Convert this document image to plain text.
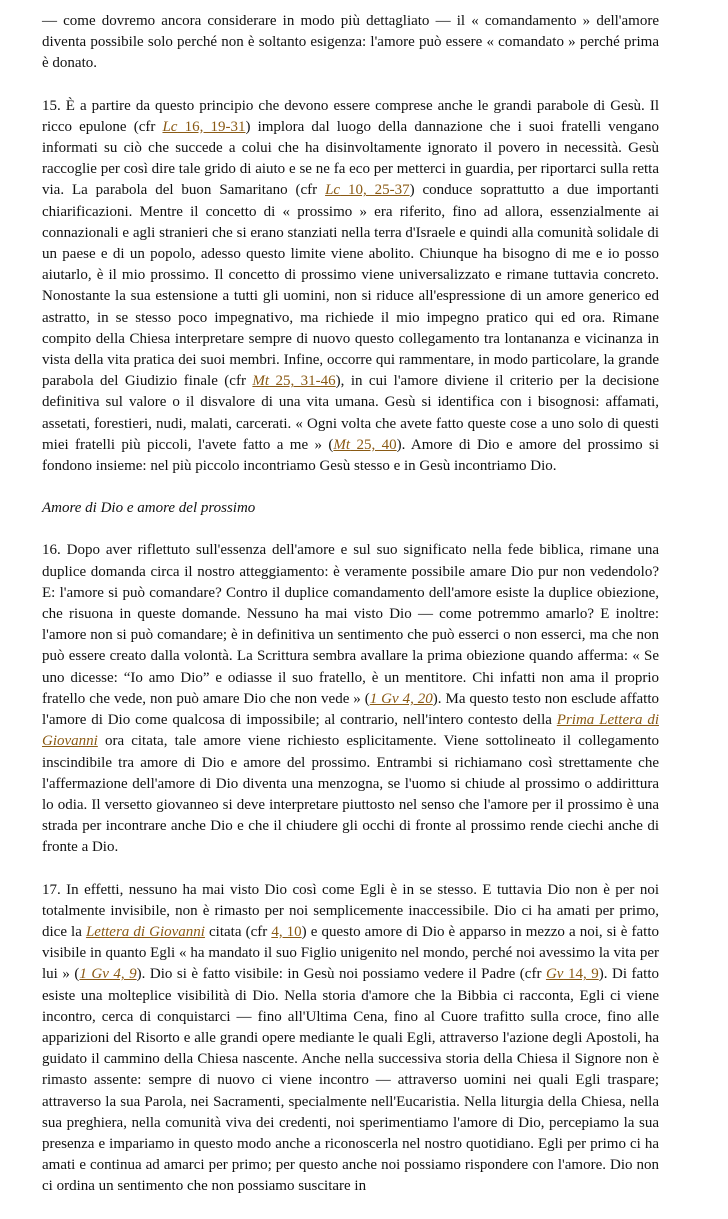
— come dovremo ancora considerare in modo più dettagliato — il « comandamento » dell'amore diventa possibile solo perché non è soltanto esigenza: l'amore può essere « comandato » perché prima è donato.

15. È a partire da questo principio che devono essere comprese anche le grandi parabole di Gesù. Il ricco epulone (cfr Lc 16, 19-31) implora dal luogo della dannazione che i suoi fratelli vengano informati su ciò che succede a colui che ha disinvoltamente ignorato il povero in necessità. Gesù raccoglie per così dire tale grido di aiuto e se ne fa eco per metterci in guardia, per riportarci sulla retta via. La parabola del buon Samaritano (cfr Lc 10, 25-37) conduce soprattutto a due importanti chiarificazioni. Mentre il concetto di « prossimo » era riferito, fino ad allora, essenzialmente ai connazionali e agli stranieri che si erano stanziati nella terra d'Israele e quindi alla comunità solidale di un paese e di un popolo, adesso questo limite viene abolito. Chiunque ha bisogno di me e io posso aiutarlo, è il mio prossimo. Il concetto di prossimo viene universalizzato e rimane tuttavia concreto. Nonostante la sua estensione a tutti gli uomini, non si riduce all'espressione di un amore generico ed astratto, in se stesso poco impegnativo, ma richiede il mio impegno pratico qui ed ora. Rimane compito della Chiesa interpretare sempre di nuovo questo collegamento tra lontananza e vicinanza in vista della vita pratica dei suoi membri. Infine, occorre qui rammentare, in modo particolare, la grande parabola del Giudizio finale (cfr Mt 25, 31-46), in cui l'amore diviene il criterio per la decisione definitiva sul valore o il disvalore di una vita umana. Gesù si identifica con i bisognosi: affamati, assetati, forestieri, nudi, malati, carcerati. « Ogni volta che avete fatto queste cose a uno solo di questi miei fratelli più piccoli, l'avete fatto a me » (Mt 25, 40). Amore di Dio e amore del prossimo si fondono insieme: nel più piccolo incontriamo Gesù stesso e in Gesù incontriamo Dio.

Amore di Dio e amore del prossimo

16. Dopo aver riflettuto sull'essenza dell'amore e sul suo significato nella fede biblica, rimane una duplice domanda circa il nostro atteggiamento: è veramente possibile amare Dio pur non vedendolo? E: l'amore si può comandare? Contro il duplice comandamento dell'amore esiste la duplice obiezione, che risuona in queste domande. Nessuno ha mai visto Dio — come potremmo amarlo? E inoltre: l'amore non si può comandare; è in definitiva un sentimento che può esserci o non esserci, ma che non può essere creato dalla volontà. La Scrittura sembra avallare la prima obiezione quando afferma: « Se uno dicesse: “Io amo Dio” e odiasse il suo fratello, è un mentitore. Chi infatti non ama il proprio fratello che vede, non può amare Dio che non vede » (1 Gv 4, 20). Ma questo testo non esclude affatto l'amore di Dio come qualcosa di impossibile; al contrario, nell'intero contesto della Prima Lettera di Giovanni ora citata, tale amore viene richiesto esplicitamente. Viene sottolineato il collegamento inscindibile tra amore di Dio e amore del prossimo. Entrambi si richiamano così strettamente che l'affermazione dell'amore di Dio diventa una menzogna, se l'uomo si chiude al prossimo o addirittura lo odia. Il versetto giovanneo si deve interpretare piuttosto nel senso che l'amore per il prossimo è una strada per incontrare anche Dio e che il chiudere gli occhi di fronte al prossimo rende ciechi anche di fronte a Dio.

17. In effetti, nessuno ha mai visto Dio così come Egli è in se stesso. E tuttavia Dio non è per noi totalmente invisibile, non è rimasto per noi semplicemente inaccessibile. Dio ci ha amati per primo, dice la Lettera di Giovanni citata (cfr 4, 10) e questo amore di Dio è apparso in mezzo a noi, si è fatto visibile in quanto Egli « ha mandato il suo Figlio unigenito nel mondo, perché noi avessimo la vita per lui » (1 Gv 4, 9). Dio si è fatto visibile: in Gesù noi possiamo vedere il Padre (cfr Gv 14, 9). Di fatto esiste una molteplice visibilità di Dio. Nella storia d'amore che la Bibbia ci racconta, Egli ci viene incontro, cerca di conquistarci — fino all'Ultima Cena, fino al Cuore trafitto sulla croce, fino alle apparizioni del Risorto e alle grandi opere mediante le quali Egli, attraverso l'azione degli Apostoli, ha guidato il cammino della Chiesa nascente. Anche nella successiva storia della Chiesa il Signore non è rimasto assente: sempre di nuovo ci viene incontro — attraverso uomini nei quali Egli traspare; attraverso la sua Parola, nei Sacramenti, specialmente nell'Eucaristia. Nella liturgia della Chiesa, nella sua preghiera, nella comunità viva dei credenti, noi sperimentiamo l'amore di Dio, percepiamo la sua presenza e impariamo in questo modo anche a riconoscerla nel nostro quotidiano. Egli per primo ci ha amati e continua ad amarci per primo; per questo anche noi possiamo rispondere con l'amore. Dio non ci ordina un sentimento che non possiamo suscitare in
